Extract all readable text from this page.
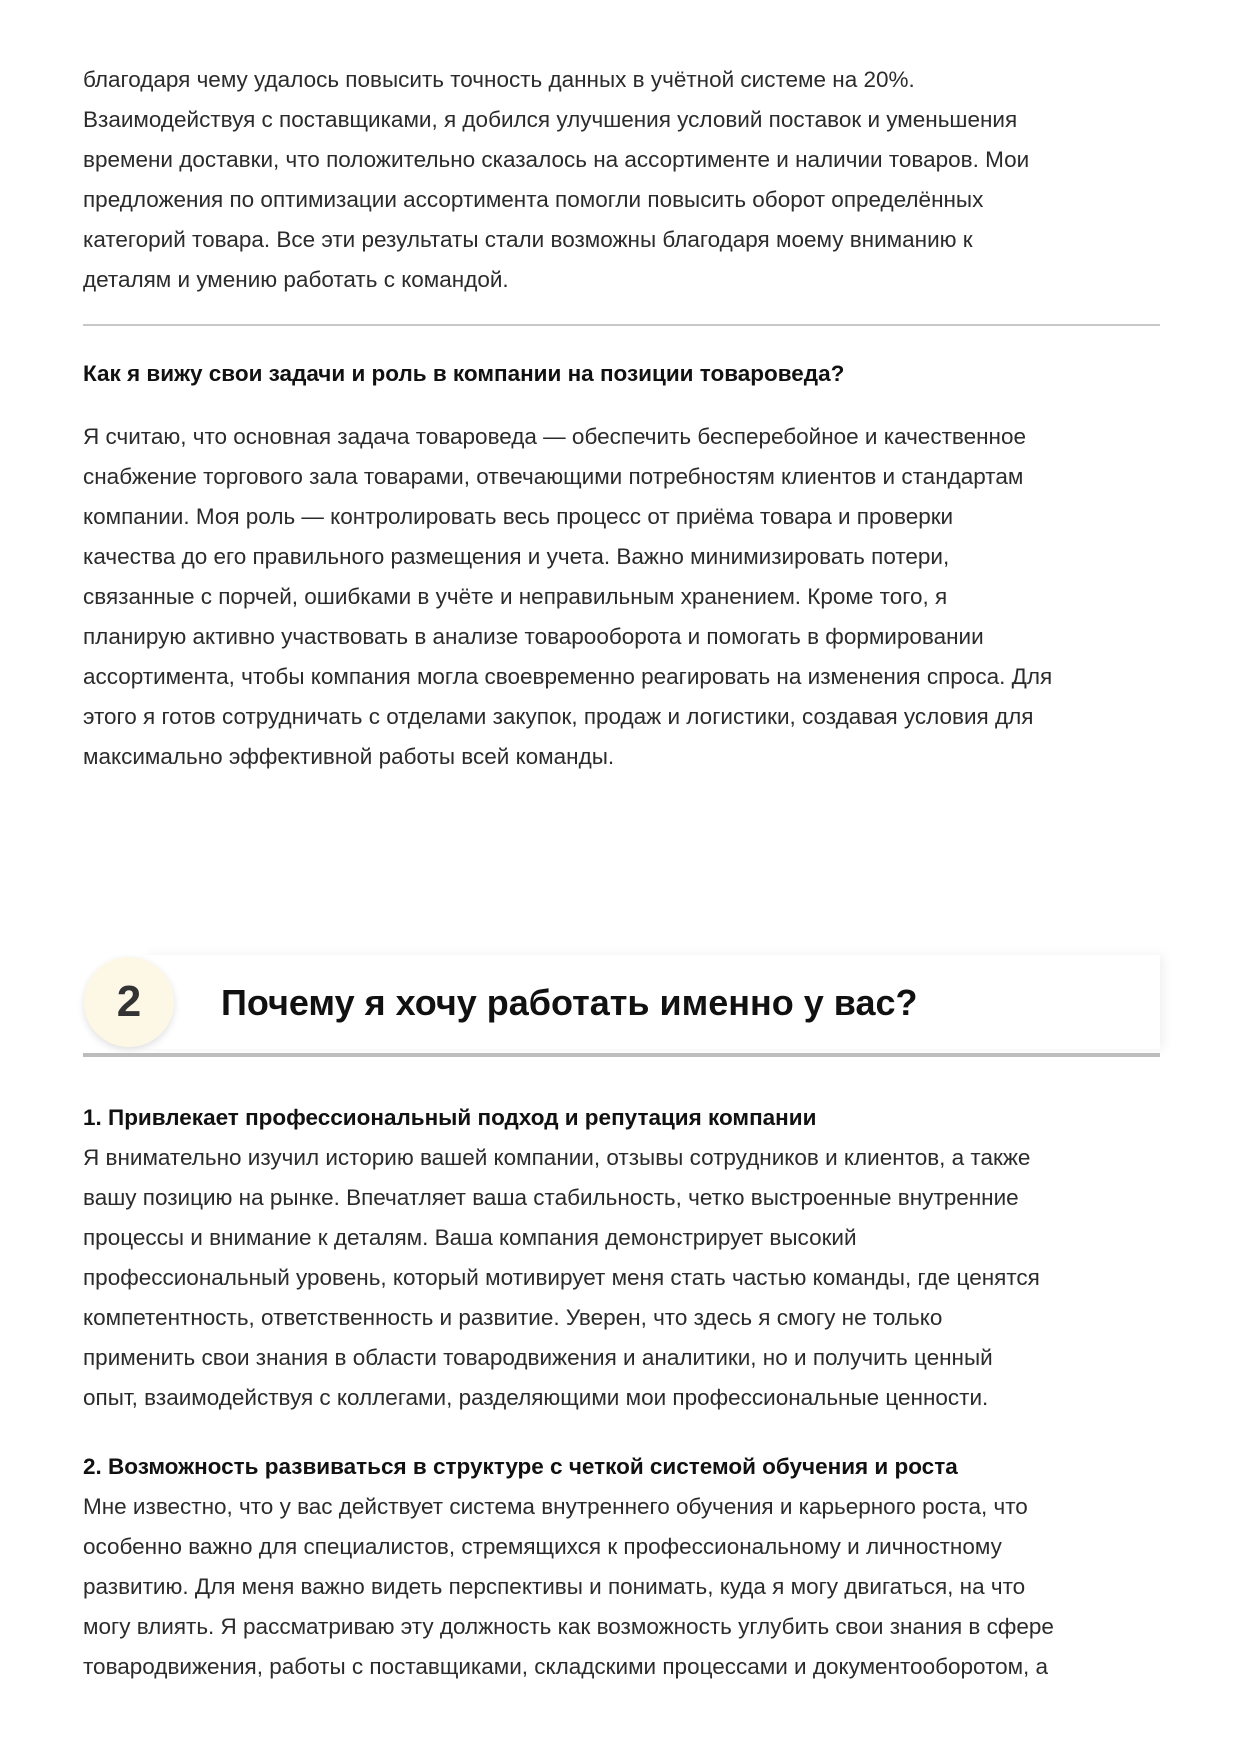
благодаря чему удалось повысить точность данных в учётной системе на 20%.
Взаимодействуя с поставщиками, я добился улучшения условий поставок и уменьшения
времени доставки, что положительно сказалось на ассортименте и наличии товаров. Мои
предложения по оптимизации ассортимента помогли повысить оборот определённых
категорий товара. Все эти результаты стали возможны благодаря моему вниманию к
деталям и умению работать с командой.
Как я вижу свои задачи и роль в компании на позиции товароведа?
Я считаю, что основная задача товароведа — обеспечить бесперебойное и качественное
снабжение торгового зала товарами, отвечающими потребностям клиентов и стандартам
компании. Моя роль — контролировать весь процесс от приёма товара и проверки
качества до его правильного размещения и учета. Важно минимизировать потери,
связанные с порчей, ошибками в учёте и неправильным хранением. Кроме того, я
планирую активно участвовать в анализе товарооборота и помогать в формировании
ассортимента, чтобы компания могла своевременно реагировать на изменения спроса. Для
этого я готов сотрудничать с отделами закупок, продаж и логистики, создавая условия для
максимально эффективной работы всей команды.
2	Почему я хочу работать именно у вас?
1. Привлекает профессиональный подход и репутация компании
Я внимательно изучил историю вашей компании, отзывы сотрудников и клиентов, а также
вашу позицию на рынке. Впечатляет ваша стабильность, четко выстроенные внутренние
процессы и внимание к деталям. Ваша компания демонстрирует высокий
профессиональный уровень, который мотивирует меня стать частью команды, где ценятся
компетентность, ответственность и развитие. Уверен, что здесь я смогу не только
применить свои знания в области товародвижения и аналитики, но и получить ценный
опыт, взаимодействуя с коллегами, разделяющими мои профессиональные ценности.
2. Возможность развиваться в структуре с четкой системой обучения и роста
Мне известно, что у вас действует система внутреннего обучения и карьерного роста, что
особенно важно для специалистов, стремящихся к профессиональному и личностному
развитию. Для меня важно видеть перспективы и понимать, куда я могу двигаться, на что
могу влиять. Я рассматриваю эту должность как возможность углубить свои знания в сфере
товародвижения, работы с поставщиками, складскими процессами и документооборотом, а
